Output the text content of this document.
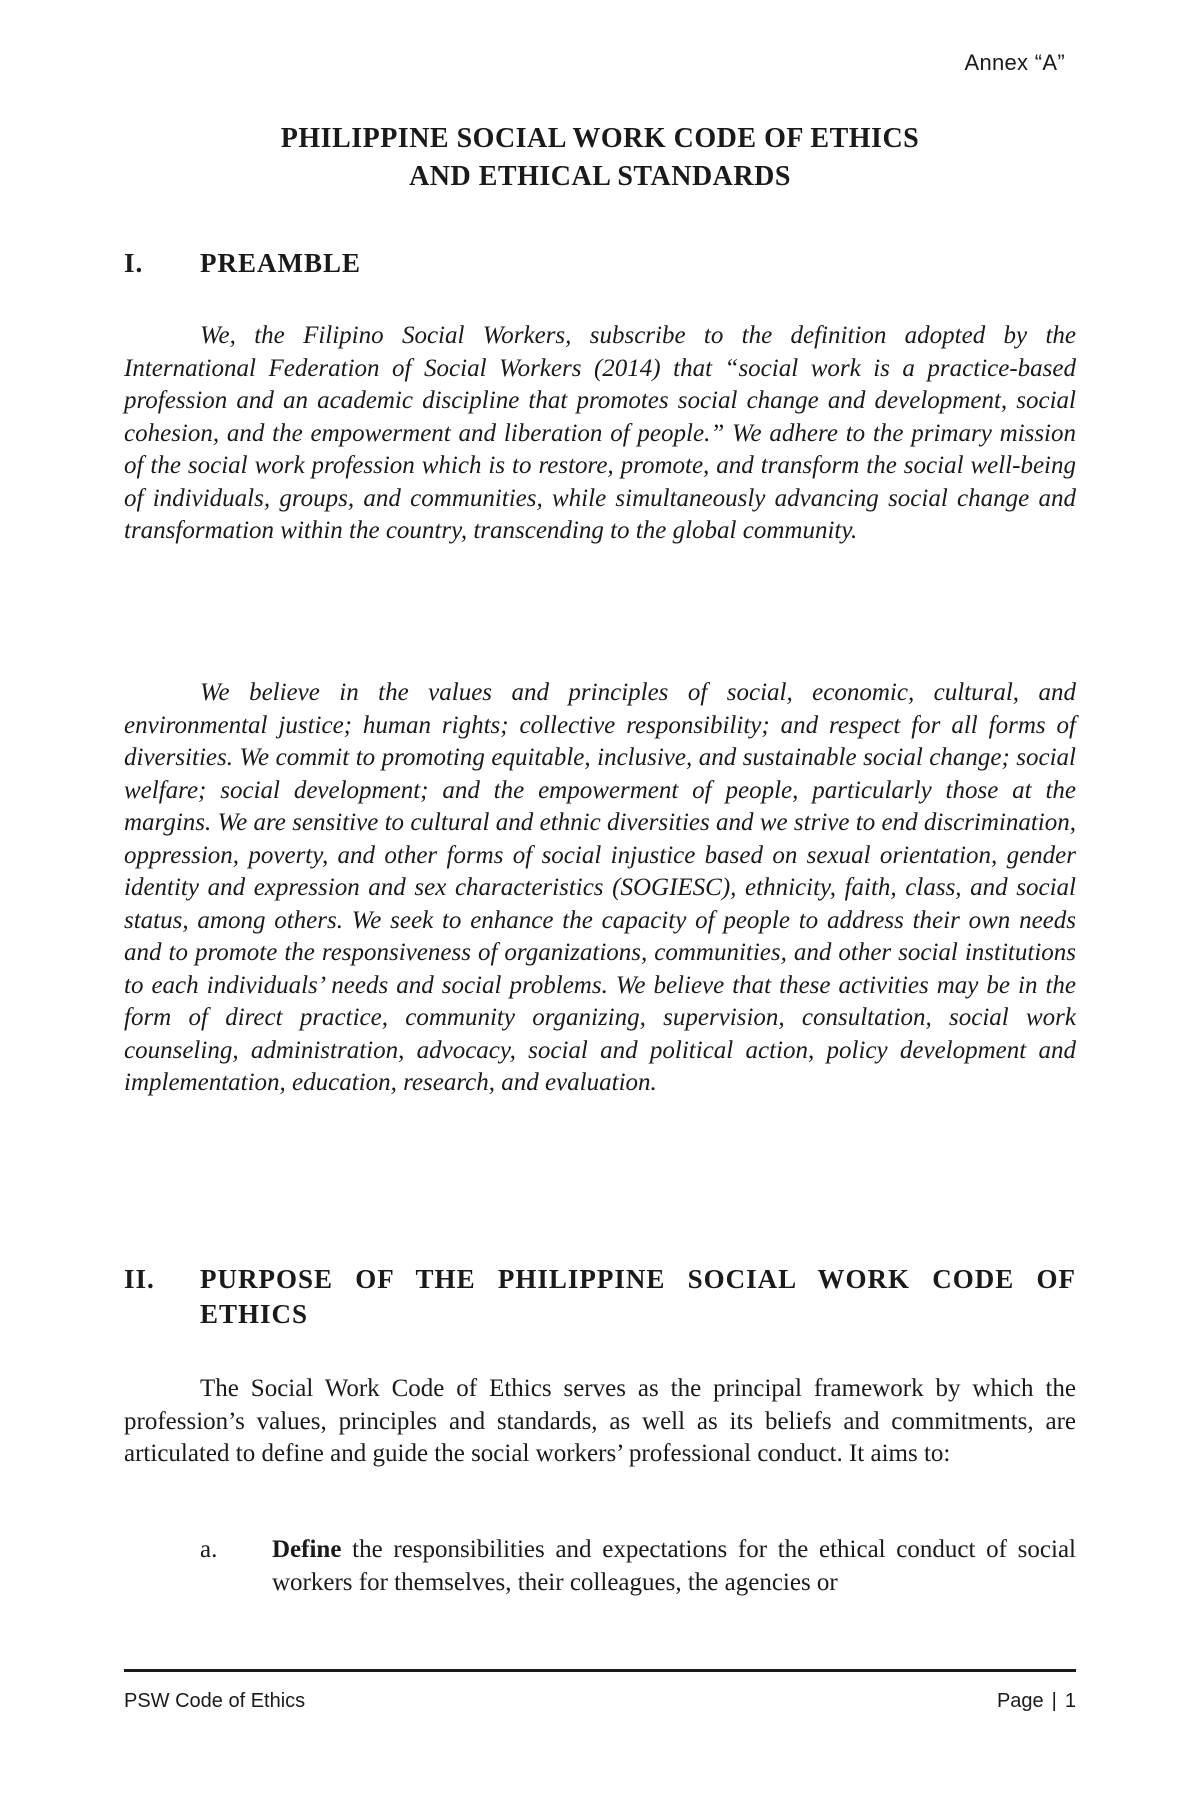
Annex “A”
PHILIPPINE SOCIAL WORK CODE OF ETHICS
AND ETHICAL STANDARDS
I.	PREAMBLE

We, the Filipino Social Workers, subscribe to the definition adopted by the International Federation of Social Workers (2014) that “social work is a practice-based profession and an academic discipline that promotes social change and development, social cohesion, and the empowerment and liberation of people.” We adhere to the primary mission of the social work profession which is to restore, promote, and transform the social well-being of individuals, groups, and communities, while simultaneously advancing social change and transformation within the country, transcending to the global community.

We believe in the values and principles of social, economic, cultural, and environmental justice; human rights; collective responsibility; and respect for all forms of diversities. We commit to promoting equitable, inclusive, and sustainable social change; social welfare; social development; and the empowerment of people, particularly those at the margins. We are sensitive to cultural and ethnic diversities and we strive to end discrimination, oppression, poverty, and other forms of social injustice based on sexual orientation, gender identity and expression and sex characteristics (SOGIESC), ethnicity, faith, class, and social status, among others. We seek to enhance the capacity of people to address their own needs and to promote the responsiveness of organizations, communities, and other social institutions to each individuals’ needs and social problems. We believe that these activities may be in the form of direct practice, community organizing, supervision, consultation, social work counseling, administration, advocacy, social and political action, policy development and implementation, education, research, and evaluation.

II.	PURPOSE OF THE PHILIPPINE SOCIAL WORK CODE OF ETHICS

The Social Work Code of Ethics serves as the principal framework by which the profession’s values, principles and standards, as well as its beliefs and commitments, are articulated to define and guide the social workers’ professional conduct. It aims to:

a.	Define the responsibilities and expectations for the ethical conduct of social workers for themselves, their colleagues, the agencies or
PSW Code of Ethics	Page | 1
